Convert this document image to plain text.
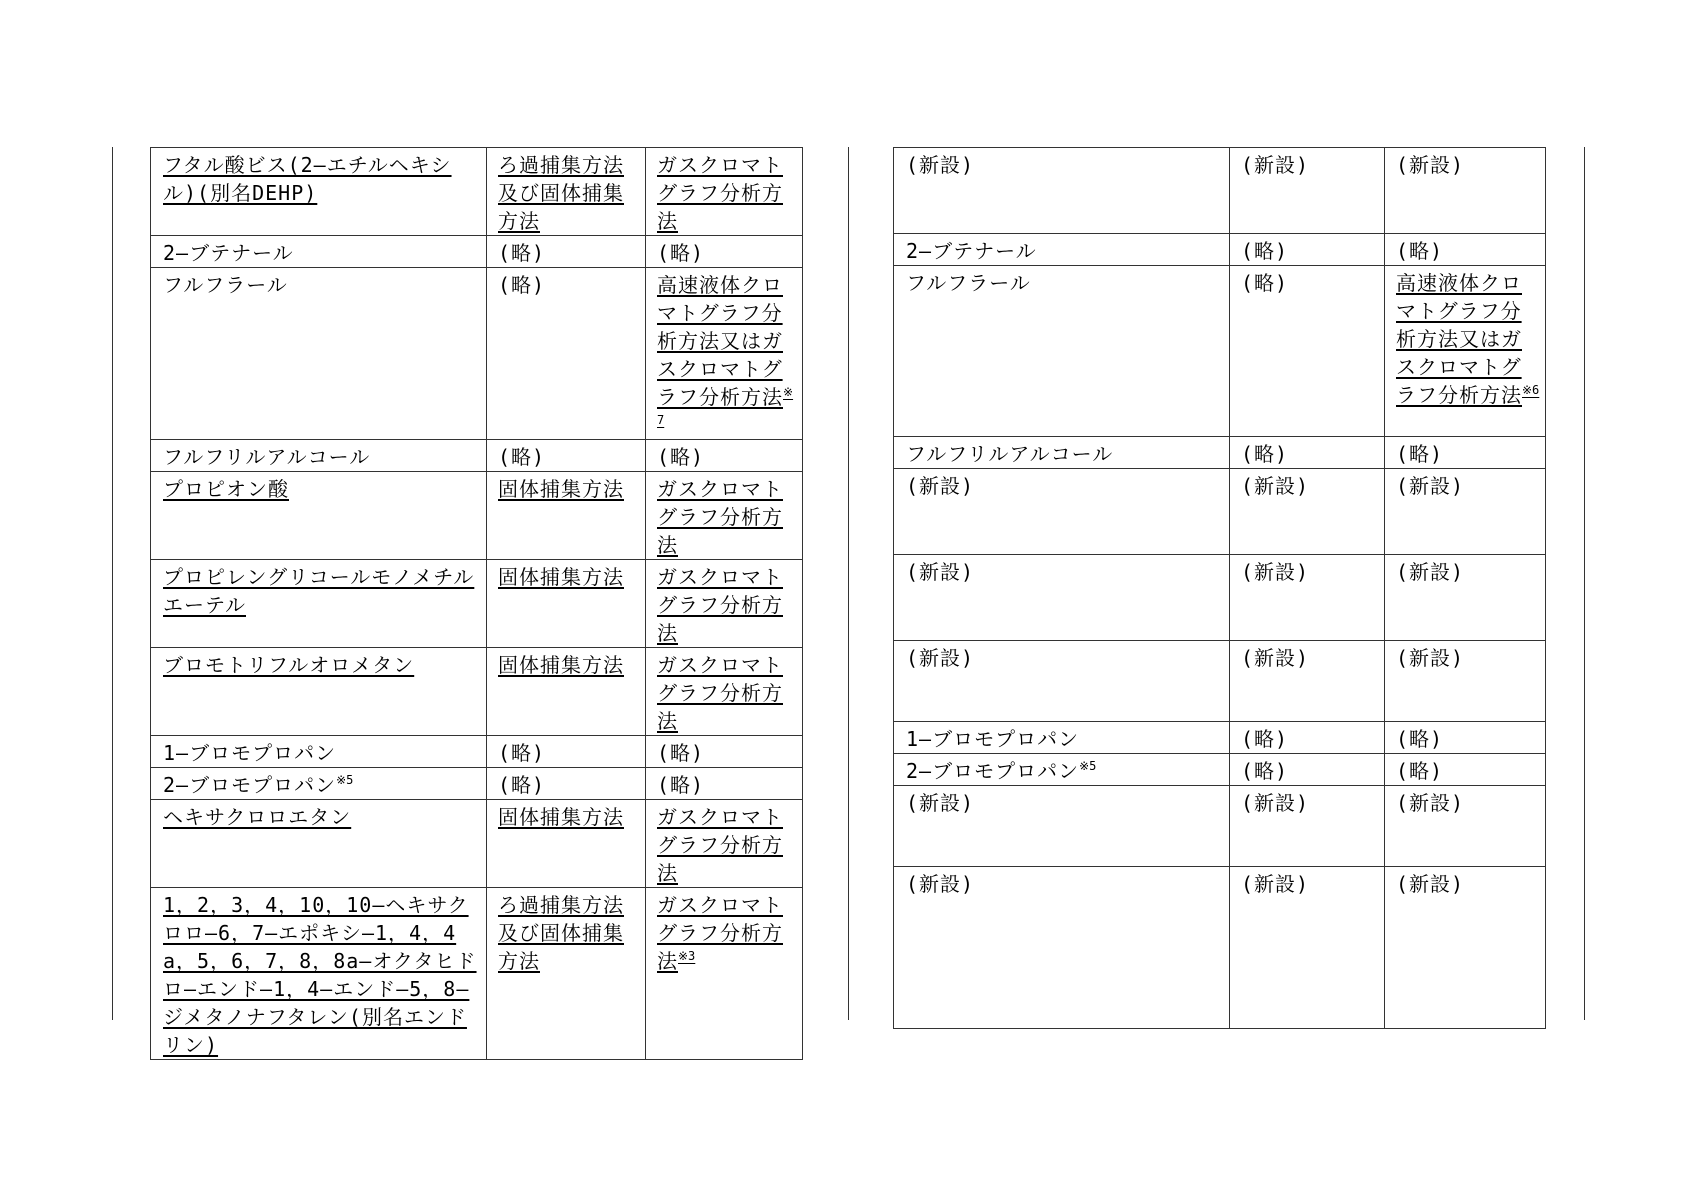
フタル酸ビス(2―エチルヘキシル)(別名DEHP)	ろ過捕集方法及び固体捕集方法	ガスクロマトグラフ分析方法
2―ブテナール	(略)	(略)
フルフラール	(略)	高速液体クロマトグラフ分析方法又はガスクロマトグラフ分析方法$^{※7}$
フルフリルアルコール	(略)	(略)
プロピオン酸	固体捕集方法	ガスクロマトグラフ分析方法
プロピレングリコールモノメチルエーテル	固体捕集方法	ガスクロマトグラフ分析方法
ブロモトリフルオロメタン	固体捕集方法	ガスクロマトグラフ分析方法
1―ブロモプロパン	(略)	(略)
2―ブロモプロパン$^{※5}$	(略)	(略)
ヘキサクロロエタン	固体捕集方法	ガスクロマトグラフ分析方法
1，2，3，4，10，10―ヘキサクロロ―6，7―エポキシ―1，4，4a，5，6，7，8，8a―オクタヒドロ―エンド―1，4―エンド―5，8―ジメタノナフタレン(別名エンドリン)	ろ過捕集方法及び固体捕集方法	ガスクロマトグラフ分析方法$^{※3}$
(新設)	(新設)	(新設)
2―ブテナール	(略)	(略)
フルフラール	(略)	高速液体クロマトグラフ分析方法又はガスクロマトグラフ分析方法$^{※6}$
フルフリルアルコール	(略)	(略)
(新設)	(新設)	(新設)
(新設)	(新設)	(新設)
(新設)	(新設)	(新設)
1―ブロモプロパン	(略)	(略)
2―ブロモプロパン$^{※5}$	(略)	(略)
(新設)	(新設)	(新設)
(新設)	(新設)	(新設)
